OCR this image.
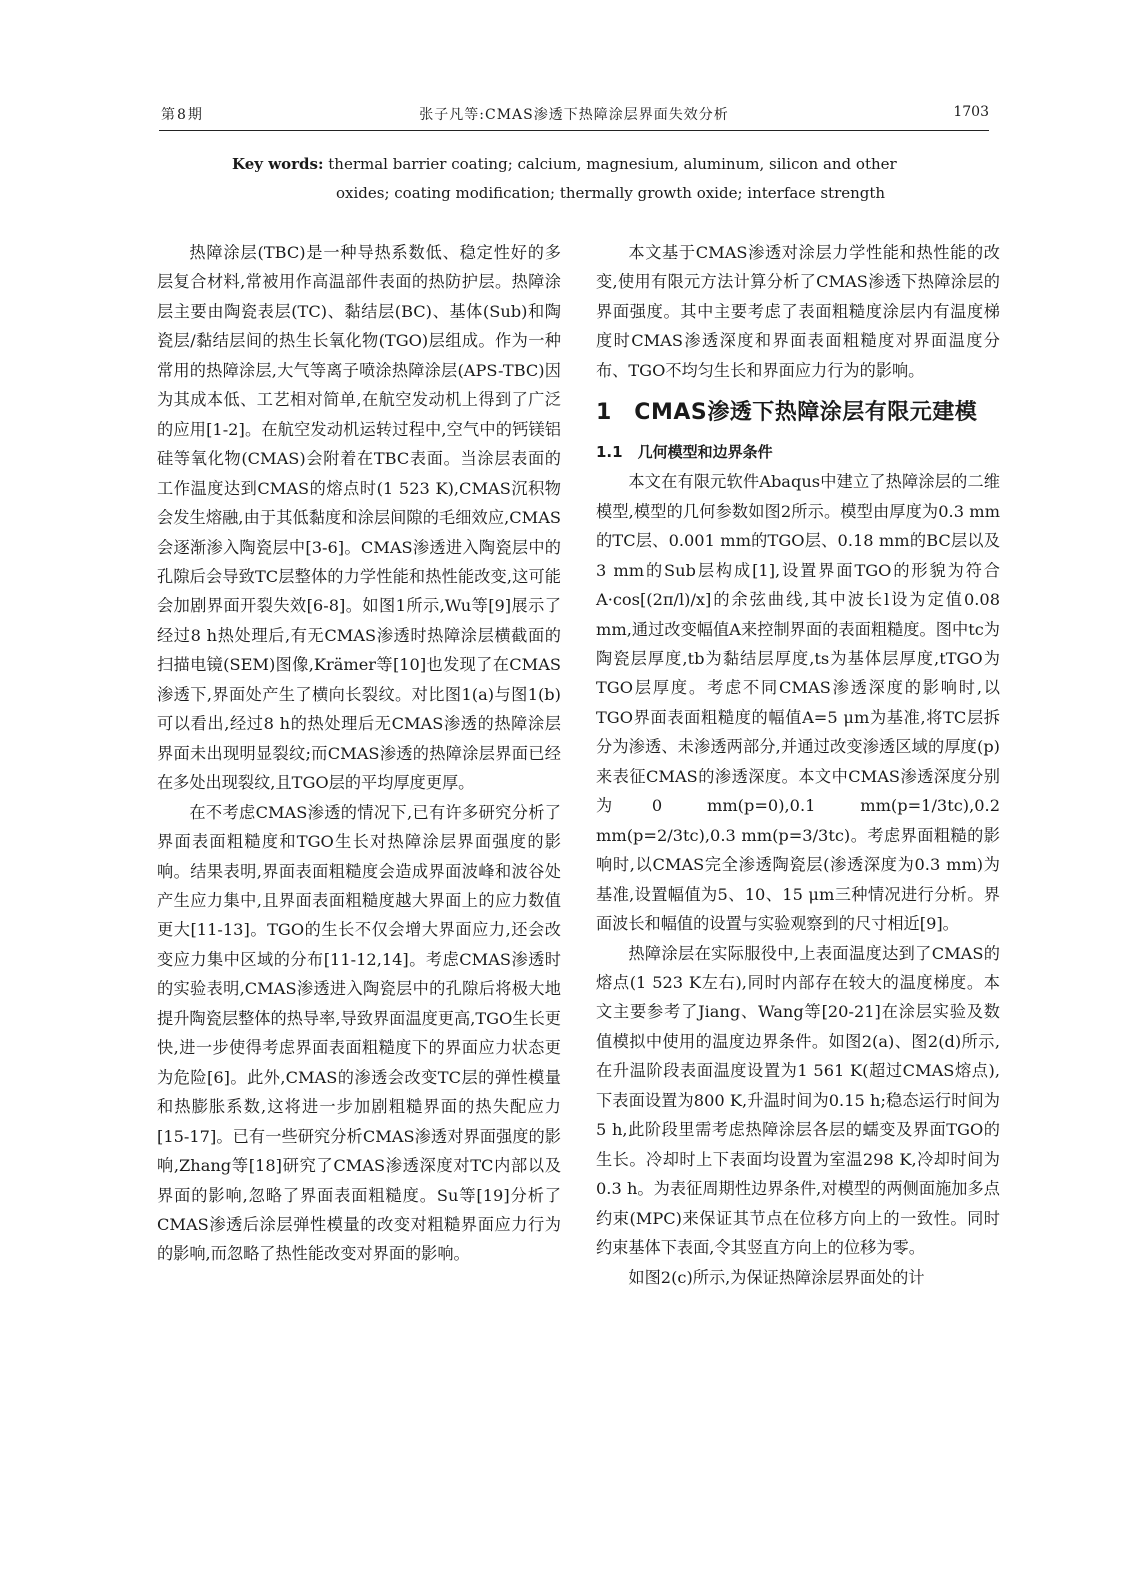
第8期	张子凡等:CMAS渗透下热障涂层界面失效分析	1703
Key words: thermal barrier coating; calcium, magnesium, aluminum, silicon and other
oxides; coating modification; thermally growth oxide; interface strength

热障涂层(TBC)是一种导热系数低、稳定性好的多层复合材料,常被用作高温部件表面的热防护层。热障涂层主要由陶瓷表层(TC)、黏结层(BC)、基体(Sub)和陶瓷层/黏结层间的热生长氧化物(TGO)层组成。作为一种常用的热障涂层,大气等离子喷涂热障涂层(APS-TBC)因为其成本低、工艺相对简单,在航空发动机上得到了广泛的应用[1-2]。在航空发动机运转过程中,空气中的钙镁铝硅等氧化物(CMAS)会附着在TBC表面。当涂层表面的工作温度达到CMAS的熔点时(1 523 K),CMAS沉积物会发生熔融,由于其低黏度和涂层间隙的毛细效应,CMAS会逐渐渗入陶瓷层中[3-6]。CMAS渗透进入陶瓷层中的孔隙后会导致TC层整体的力学性能和热性能改变,这可能会加剧界面开裂失效[6-8]。如图1所示,Wu等[9]展示了经过8 h热处理后,有无CMAS渗透时热障涂层横截面的扫描电镜(SEM)图像,Krämer等[10]也发现了在CMAS渗透下,界面处产生了横向长裂纹。对比图1(a)与图1(b)可以看出,经过8 h的热处理后无CMAS渗透的热障涂层界面未出现明显裂纹;而CMAS渗透的热障涂层界面已经在多处出现裂纹,且TGO层的平均厚度更厚。

在不考虑CMAS渗透的情况下,已有许多研究分析了界面表面粗糙度和TGO生长对热障涂层界面强度的影响。结果表明,界面表面粗糙度会造成界面波峰和波谷处产生应力集中,且界面表面粗糙度越大界面上的应力数值更大[11-13]。TGO的生长不仅会增大界面应力,还会改变应力集中区域的分布[11-12,14]。考虑CMAS渗透时的实验表明,CMAS渗透进入陶瓷层中的孔隙后将极大地提升陶瓷层整体的热导率,导致界面温度更高,TGO生长更快,进一步使得考虑界面表面粗糙度下的界面应力状态更为危险[6]。此外,CMAS的渗透会改变TC层的弹性模量和热膨胀系数,这将进一步加剧粗糙界面的热失配应力[15-17]。已有一些研究分析CMAS渗透对界面强度的影响,Zhang等[18]研究了CMAS渗透深度对TC内部以及界面的影响,忽略了界面表面粗糙度。Su等[19]分析了CMAS渗透后涂层弹性模量的改变对粗糙界面应力行为的影响,而忽略了热性能改变对界面的影响。

本文基于CMAS渗透对涂层力学性能和热性能的改变,使用有限元方法计算分析了CMAS渗透下热障涂层的界面强度。其中主要考虑了表面粗糙度涂层内有温度梯度时CMAS渗透深度和界面表面粗糙度对界面温度分布、TGO不均匀生长和界面应力行为的影响。

1　CMAS渗透下热障涂层有限元建模
1.1　几何模型和边界条件

本文在有限元软件Abaqus中建立了热障涂层的二维模型,模型的几何参数如图2所示。模型由厚度为0.3 mm的TC层、0.001 mm的TGO层、0.18 mm的BC层以及3 mm的Sub层构成[1],设置界面TGO的形貌为符合A·cos[(2π/l)/x]的余弦曲线,其中波长l设为定值0.08 mm,通过改变幅值A来控制界面的表面粗糙度。图中tc为陶瓷层厚度,tb为黏结层厚度,ts为基体层厚度,tTGO为TGO层厚度。考虑不同CMAS渗透深度的影响时,以TGO界面表面粗糙度的幅值A=5 μm为基准,将TC层拆分为渗透、未渗透两部分,并通过改变渗透区域的厚度(p)来表征CMAS的渗透深度。本文中CMAS渗透深度分别为0 mm(p=0),0.1 mm(p=1/3tc),0.2 mm(p=2/3tc),0.3 mm(p=3/3tc)。考虑界面粗糙的影响时,以CMAS完全渗透陶瓷层(渗透深度为0.3 mm)为基准,设置幅值为5、10、15 μm三种情况进行分析。界面波长和幅值的设置与实验观察到的尺寸相近[9]。

热障涂层在实际服役中,上表面温度达到了CMAS的熔点(1 523 K左右),同时内部存在较大的温度梯度。本文主要参考了Jiang、Wang等[20-21]在涂层实验及数值模拟中使用的温度边界条件。如图2(a)、图2(d)所示,在升温阶段表面温度设置为1 561 K(超过CMAS熔点),下表面设置为800 K,升温时间为0.15 h;稳态运行时间为5 h,此阶段里需考虑热障涂层各层的蠕变及界面TGO的生长。冷却时上下表面均设置为室温298 K,冷却时间为0.3 h。为表征周期性边界条件,对模型的两侧面施加多点约束(MPC)来保证其节点在位移方向上的一致性。同时约束基体下表面,令其竖直方向上的位移为零。

如图2(c)所示,为保证热障涂层界面处的计
